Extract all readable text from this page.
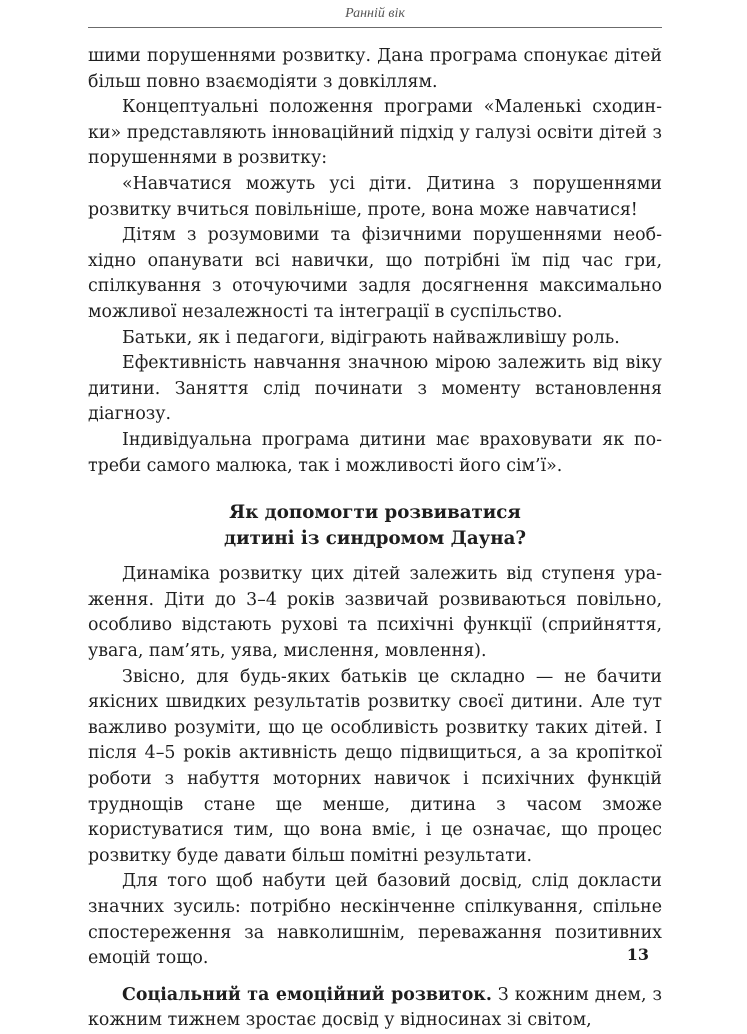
Ранній вік

шими порушеннями розвитку. Дана програма спонукає дітей більш повно взаємодіяти з довкіллям.

Концептуальні положення програми «Маленькі сходинки» представляють інноваційний підхід у галузі освіти дітей з порушеннями в розвитку:

«Навчатися можуть усі діти. Дитина з порушеннями розвитку вчиться повільніше, проте, вона може навчатися!

Дітям з розумовими та фізичними порушеннями необхідно опанувати всі навички, що потрібні їм під час гри, спілкування з оточуючими задля досягнення максимально можливої незалежності та інтеграції в суспільство.

Батьки, як і педагоги, відіграють найважливішу роль.

Ефективність навчання значною мірою залежить від віку дитини. Заняття слід починати з моменту встановлення діагнозу.

Індивідуальна програма дитини має враховувати як потреби самого малюка, так і можливості його сім’ї».

Як допомогти розвиватися
дитині із синдромом Дауна?

Динаміка розвитку цих дітей залежить від ступеня ураження. Діти до 3–4 років зазвичай розвиваються повільно, особливо відстають рухові та психічні функції (сприйняття, увага, пам’ять, уява, мислення, мовлення).

Звісно, для будь-яких батьків це складно — не бачити якісних швидких результатів розвитку своєї дитини. Але тут важливо розуміти, що це особливість розвитку таких дітей. І після 4–5 років активність дещо підвищиться, а за кропіткої роботи з набуття моторних навичок і психічних функцій труднощів стане ще менше, дитина з часом зможе користуватися тим, що вона вміє, і це означає, що процес розвитку буде давати більш помітні результати.

Для того щоб набути цей базовий досвід, слід докласти значних зусиль: потрібно нескінченне спілкування, спільне спостереження за навколишнім, переважання позитивних емоцій тощо.

Соціальний та емоційний розвиток. З кожним днем, з кожним тижнем зростає досвід у відносинах зі світом,

13
